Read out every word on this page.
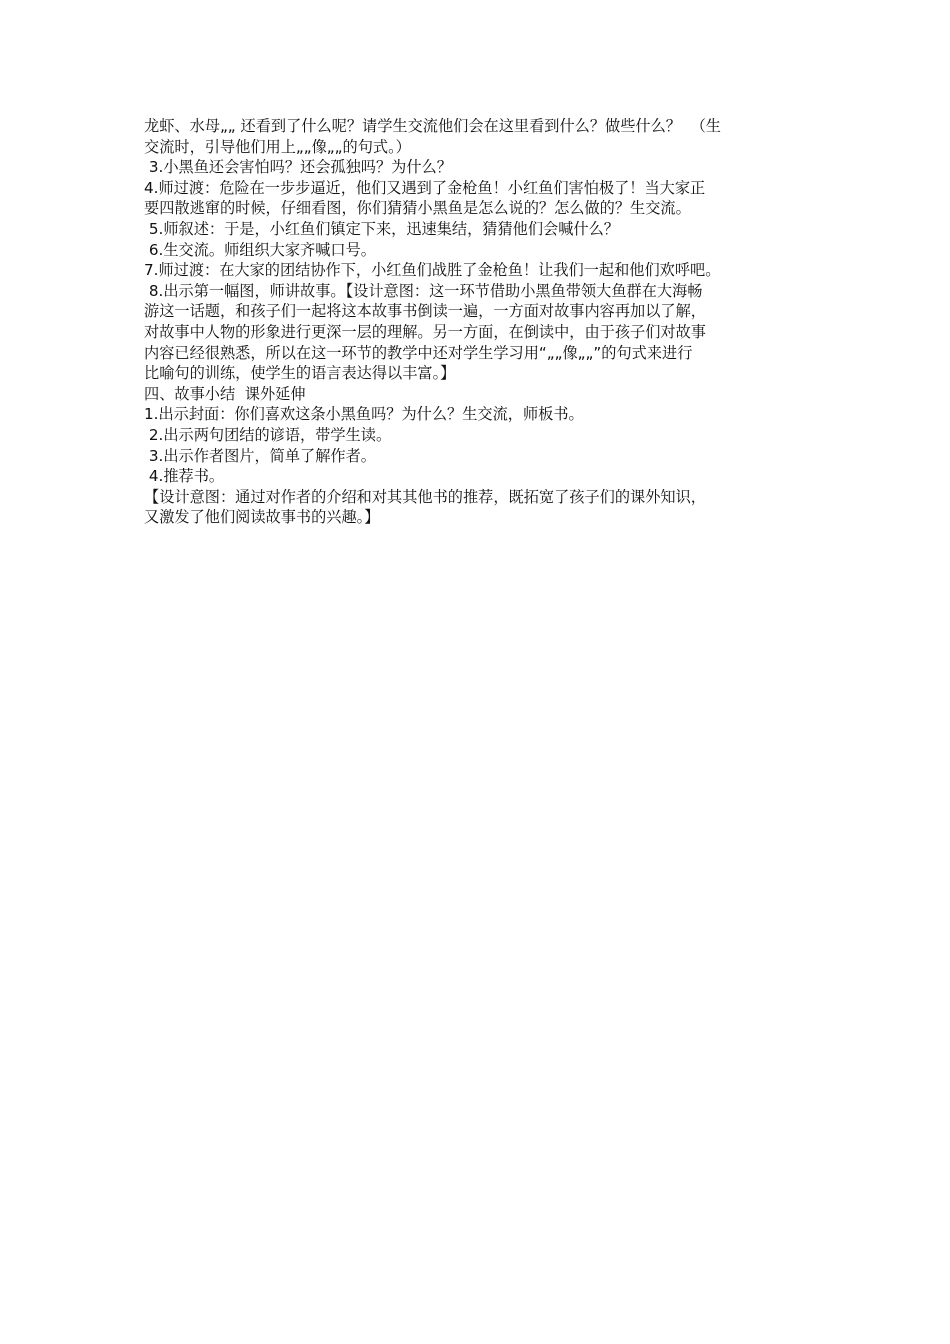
龙虾、水母„„ 还看到了什么呢？请学生交流他们会在这里看到什么？做些什么？  （生
交流时，引导他们用上„„像„„的句式。）
3.小黑鱼还会害怕吗？还会孤独吗？为什么？
4.师过渡：危险在一步步逼近，他们又遇到了金枪鱼！小红鱼们害怕极了！当大家正
要四散逃窜的时候，仔细看图，你们猜猜小黑鱼是怎么说的？怎么做的？生交流。
5.师叙述：于是，小红鱼们镇定下来，迅速集结，猜猜他们会喊什么？
6.生交流。师组织大家齐喊口号。
7.师过渡：在大家的团结协作下，小红鱼们战胜了金枪鱼！让我们一起和他们欢呼吧。
8.出示第一幅图，师讲故事。【设计意图：这一环节借助小黑鱼带领大鱼群在大海畅
游这一话题，和孩子们一起将这本故事书倒读一遍，一方面对故事内容再加以了解，
对故事中人物的形象进行更深一层的理解。另一方面，在倒读中，由于孩子们对故事
内容已经很熟悉，所以在这一环节的教学中还对学生学习用“„„像„„”的句式来进行
比喻句的训练，使学生的语言表达得以丰富。】
四、故事小结  课外延伸
1.出示封面：你们喜欢这条小黑鱼吗？为什么？生交流，师板书。
2.出示两句团结的谚语，带学生读。
3.出示作者图片，简单了解作者。
4.推荐书。
【设计意图：通过对作者的介绍和对其其他书的推荐，既拓宽了孩子们的课外知识，
又激发了他们阅读故事书的兴趣。】
